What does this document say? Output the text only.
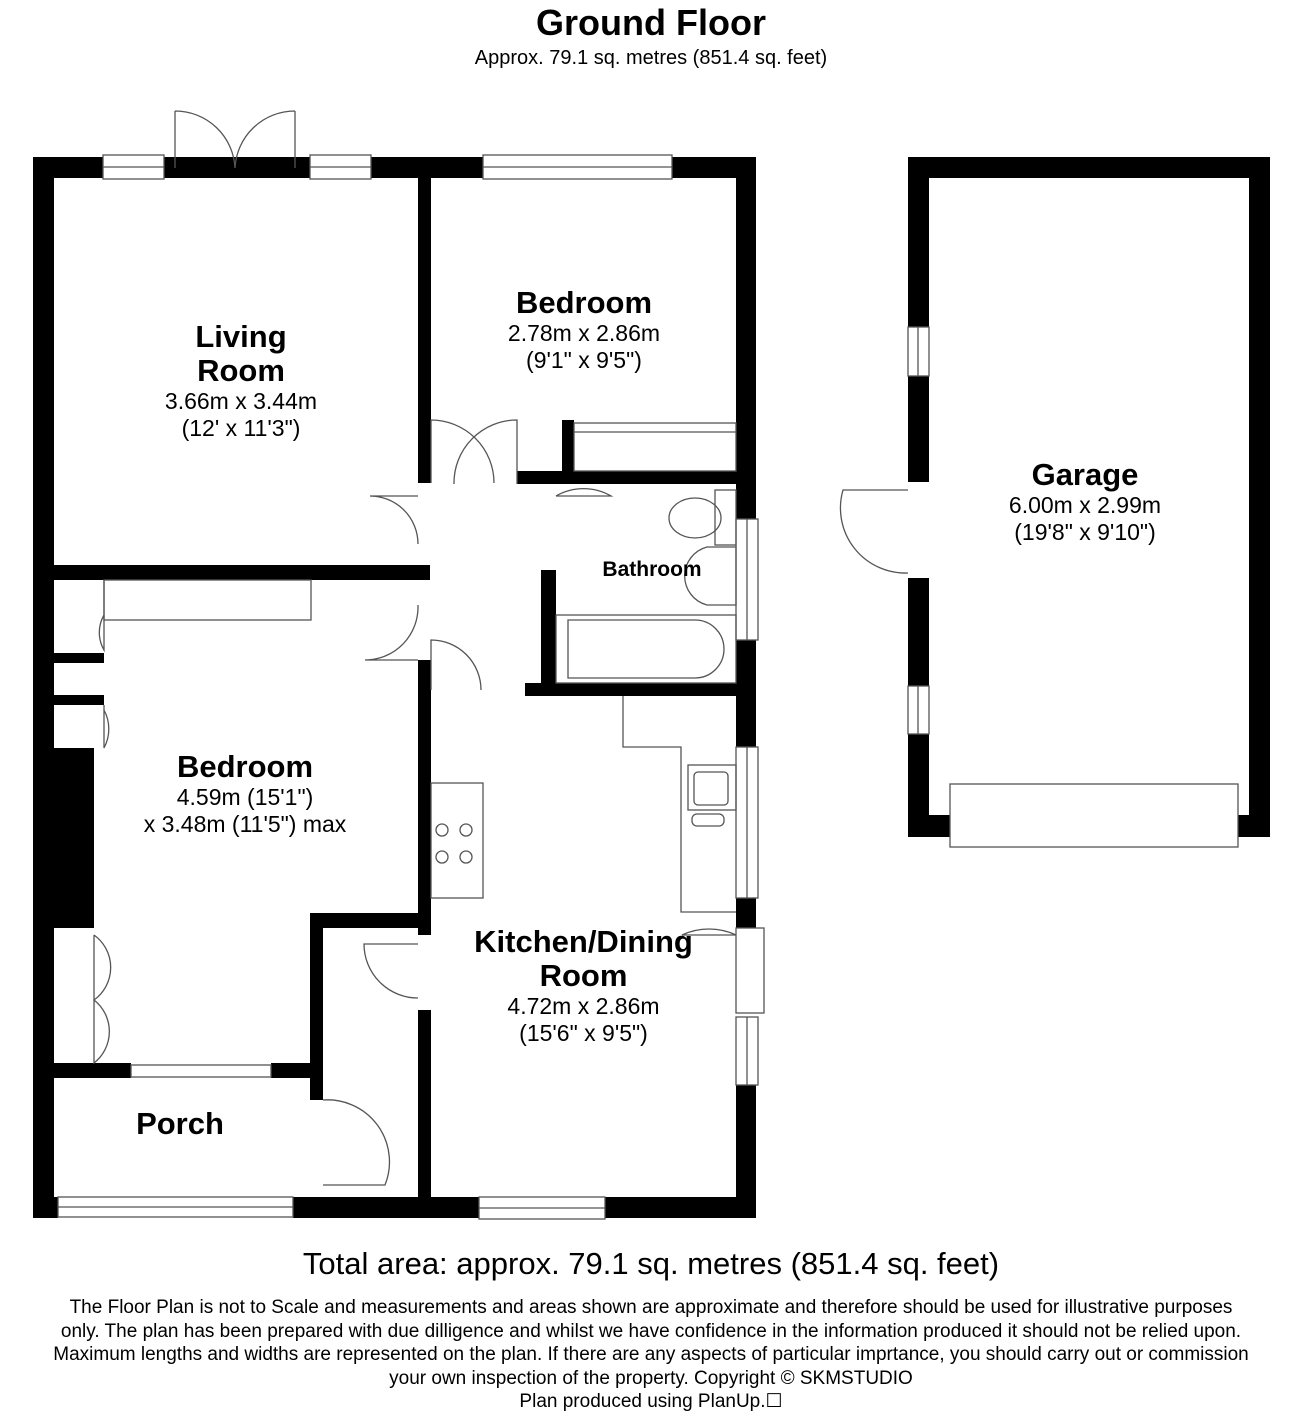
Ground Floor
Approx. 79.1 sq. metres (851.4 sq. feet)
Living
Room
3.66m x 3.44m
(12' x 11'3")
Bedroom
2.78m x 2.86m
(9'1" x 9'5")
Bathroom
Bedroom
4.59m (15'1")
x 3.48m (11'5") max
Kitchen/Dining
Room
4.72m x 2.86m
(15'6" x 9'5")
Porch
Garage
6.00m x 2.99m
(19'8" x 9'10")
Total area: approx. 79.1 sq. metres (851.4 sq. feet)
The Floor Plan is not to Scale and measurements and areas shown are approximate and therefore should be used for illustrative purposes
only. The plan has been prepared with due dilligence and whilst we have confidence in the information produced it should not be relied upon.
Maximum lengths and widths are represented on the plan. If there are any aspects of particular imprtance, you should carry out or commission
your own inspection of the property. Copyright © SKMSTUDIO
Plan produced using PlanUp.☐
